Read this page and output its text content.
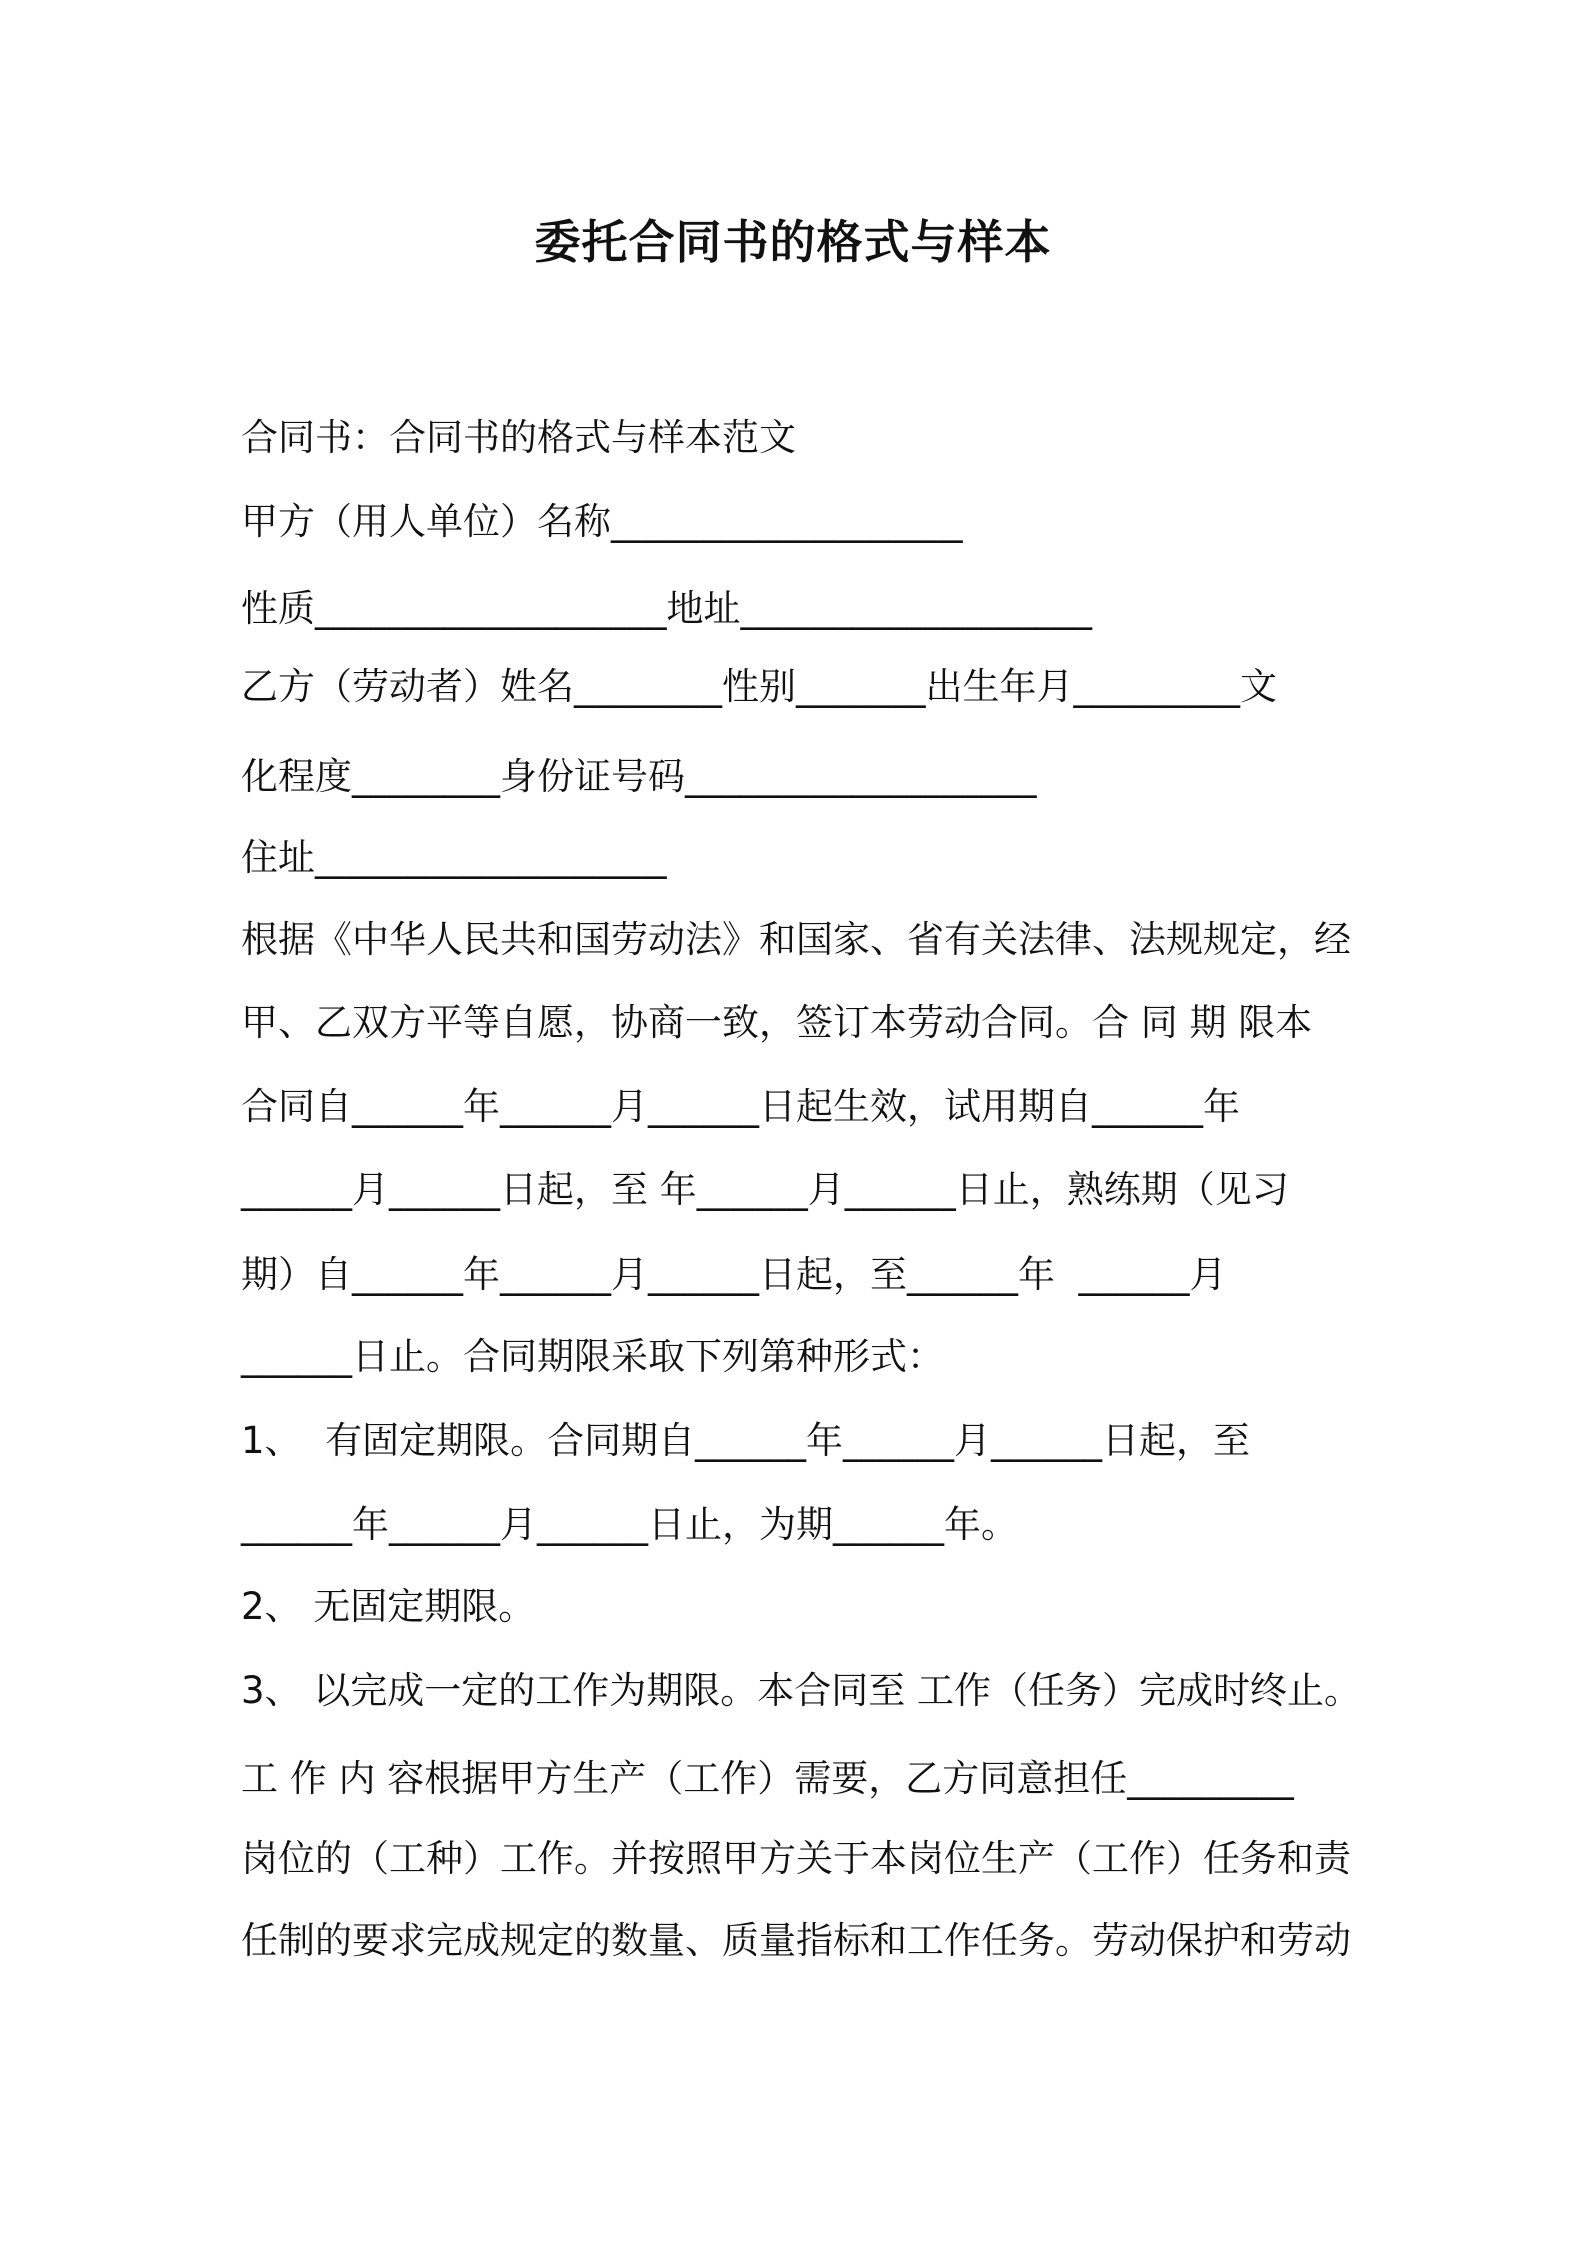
委托合同书的格式与样本

合同书：合同书的格式与样本范文

甲方（用人单位）名称___________________

性质___________________地址___________________

乙方（劳动者）姓名________性别_______出生年月_________文

化程度________身份证号码___________________

住址___________________

根据《中华人民共和国劳动法》和国家、省有关法律、法规规定，经

甲、乙双方平等自愿，协商一致，签订本劳动合同。合 同 期 限本

合同自______年______月______日起生效，试用期自______年

______月______日起，至 年______月______日止，熟练期（见习

期）自______年______月______日起，至______年  ______月

______日止。合同期限采取下列第种形式：

1、  有固定期限。合同期自______年______月______日起，至

______年______月______日止，为期______年。

2、 无固定期限。

3、 以完成一定的工作为期限。本合同至 工作（任务）完成时终止。

工 作 内 容根据甲方生产（工作）需要，乙方同意担任_________

岗位的（工种）工作。并按照甲方关于本岗位生产（工作）任务和责

任制的要求完成规定的数量、质量指标和工作任务。劳动保护和劳动
